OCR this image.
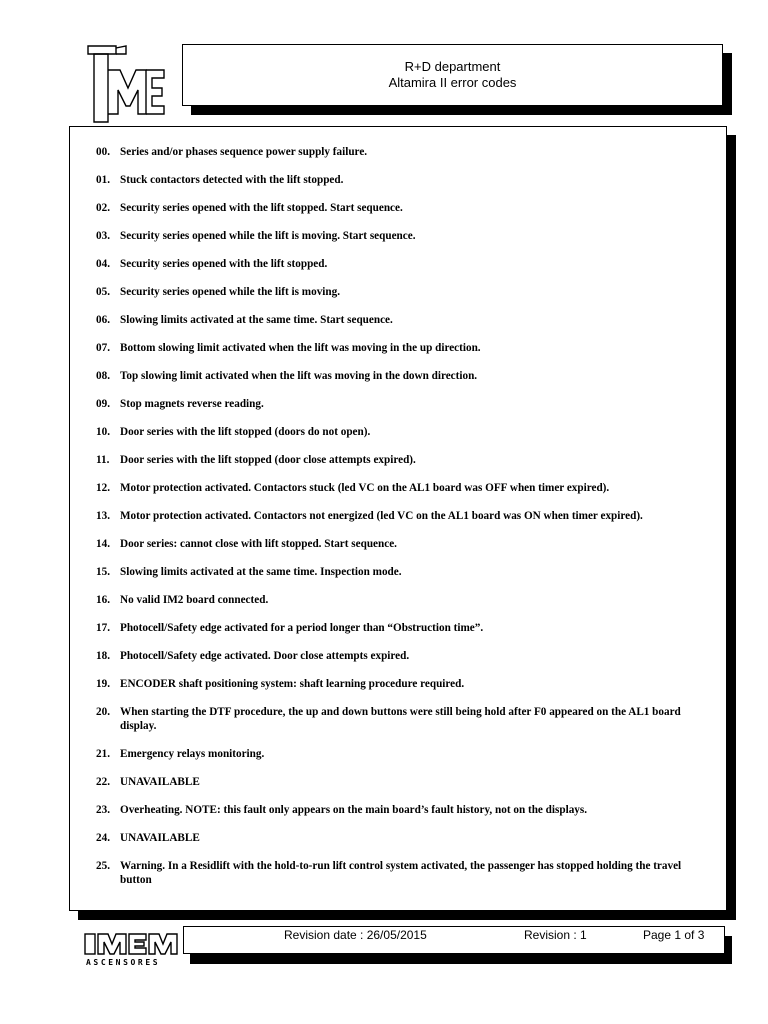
R+D department
Altamira II error codes
00. Series and/or phases sequence power supply failure.
01. Stuck contactors detected with the lift stopped.
02. Security series opened with the lift stopped. Start sequence.
03. Security series opened while the lift is moving. Start sequence.
04. Security series opened with the lift stopped.
05. Security series opened while the lift is moving.
06. Slowing limits activated at the same time. Start sequence.
07. Bottom slowing limit activated when the lift was moving in the up direction.
08. Top slowing limit activated when the lift was moving in the down direction.
09. Stop magnets reverse reading.
10. Door series with the lift stopped (doors do not open).
11. Door series with the lift stopped (door close attempts expired).
12. Motor protection activated. Contactors stuck (led VC on the AL1 board was OFF when timer expired).
13. Motor protection activated. Contactors not energized (led VC on the AL1 board was ON when timer expired).
14. Door series: cannot close with lift stopped. Start sequence.
15. Slowing limits activated at the same time. Inspection mode.
16. No valid IM2 board connected.
17. Photocell/Safety edge activated for a period longer than “Obstruction time”.
18. Photocell/Safety edge activated. Door close attempts expired.
19. ENCODER shaft positioning system: shaft learning procedure required.
20. When starting the DTF procedure, the up and down buttons were still being hold after F0 appeared on the AL1 board display.
21. Emergency relays monitoring.
22. UNAVAILABLE
23. Overheating. NOTE: this fault only appears on the main board’s fault history, not on the displays.
24. UNAVAILABLE
25. Warning. In a Residlift with the hold-to-run lift control system activated, the passenger has stopped holding the travel button
ASCENSORES
Revision date : 26/05/2015	Revision : 1	Page 1 of 3
